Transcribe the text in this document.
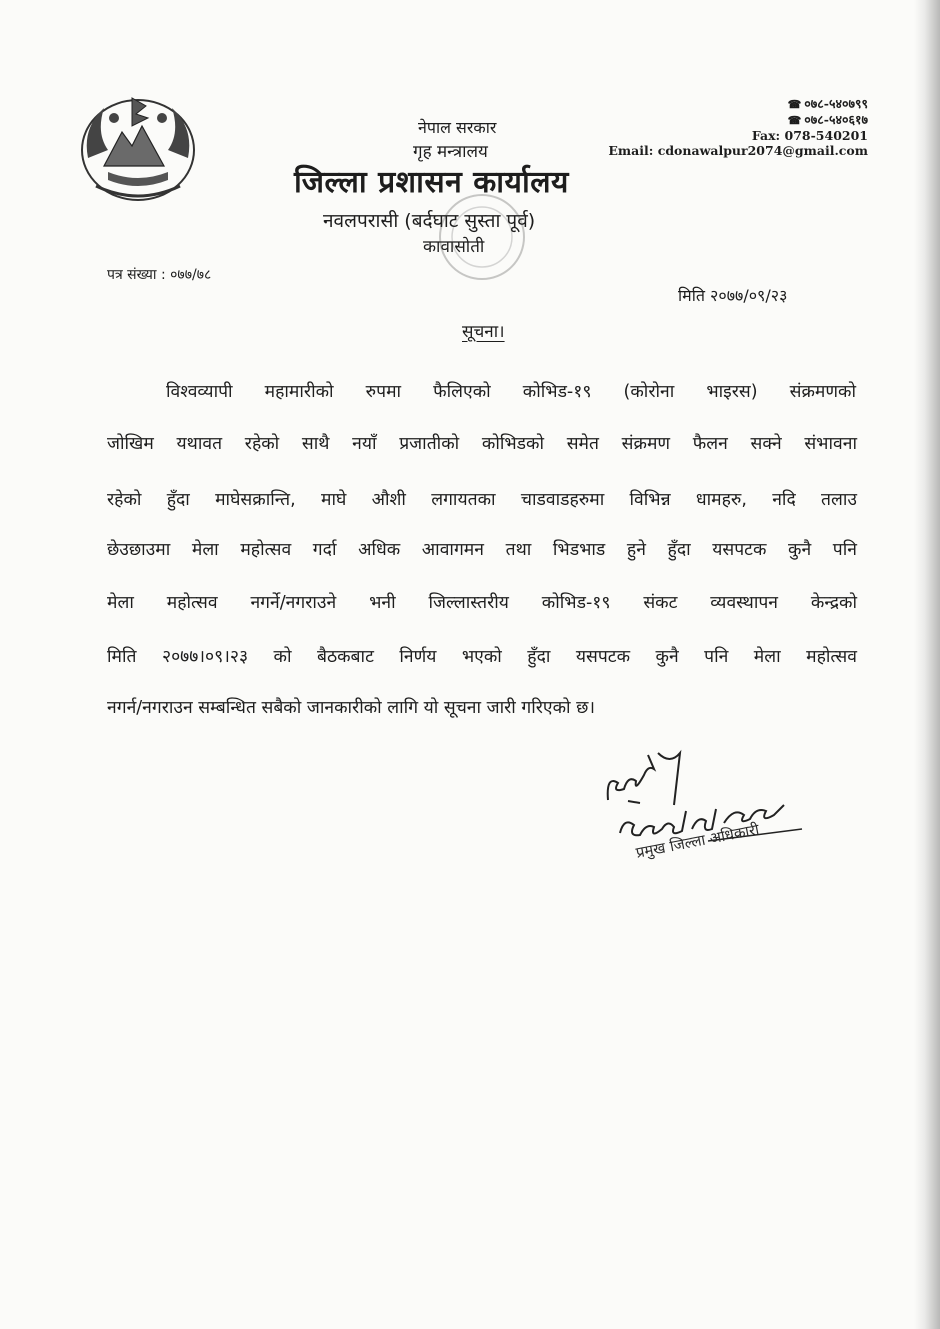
नेपाल सरकार
गृह मन्त्रालय
जिल्ला प्रशासन कार्यालय
नवलपरासी (बर्दघाट सुस्ता पूर्व)
कावासोती
☎ ०७८-५४०७९९
☎ ०७८-५४०६१७
Fax: 078-540201
Email: cdonawalpur2074@gmail.com
पत्र संख्या : ०७७/७८
मिति २०७७/०९/२३
सूचना।
विश्वव्यापी महामारीको रुपमा फैलिएको कोभिड-१९ (कोरोना भाइरस) संक्रमणको
जोखिम यथावत रहेको साथै नयाँ प्रजातीको कोभिडको समेत संक्रमण फैलन सक्ने संभावना
रहेको हुँदा माघेसक्रान्ति, माघे औशी लगायतका चाडवाडहरुमा विभिन्न धामहरु, नदि तलाउ
छेउछाउमा मेला महोत्सव गर्दा अधिक आवागमन तथा भिडभाड हुने हुँदा यसपटक कुनै पनि
मेला महोत्सव नगर्ने/नगराउने भनी जिल्लास्तरीय कोभिड-१९ संकट व्यवस्थापन केन्द्रको
मिति २०७७।०९।२३ को बैठकबाट निर्णय भएको हुँदा यसपटक कुनै पनि मेला महोत्सव
नगर्न/नगराउन सम्बन्धित सबैको जानकारीको लागि यो सूचना जारी गरिएको छ।
प्रमुख जिल्ला अधिकारी
